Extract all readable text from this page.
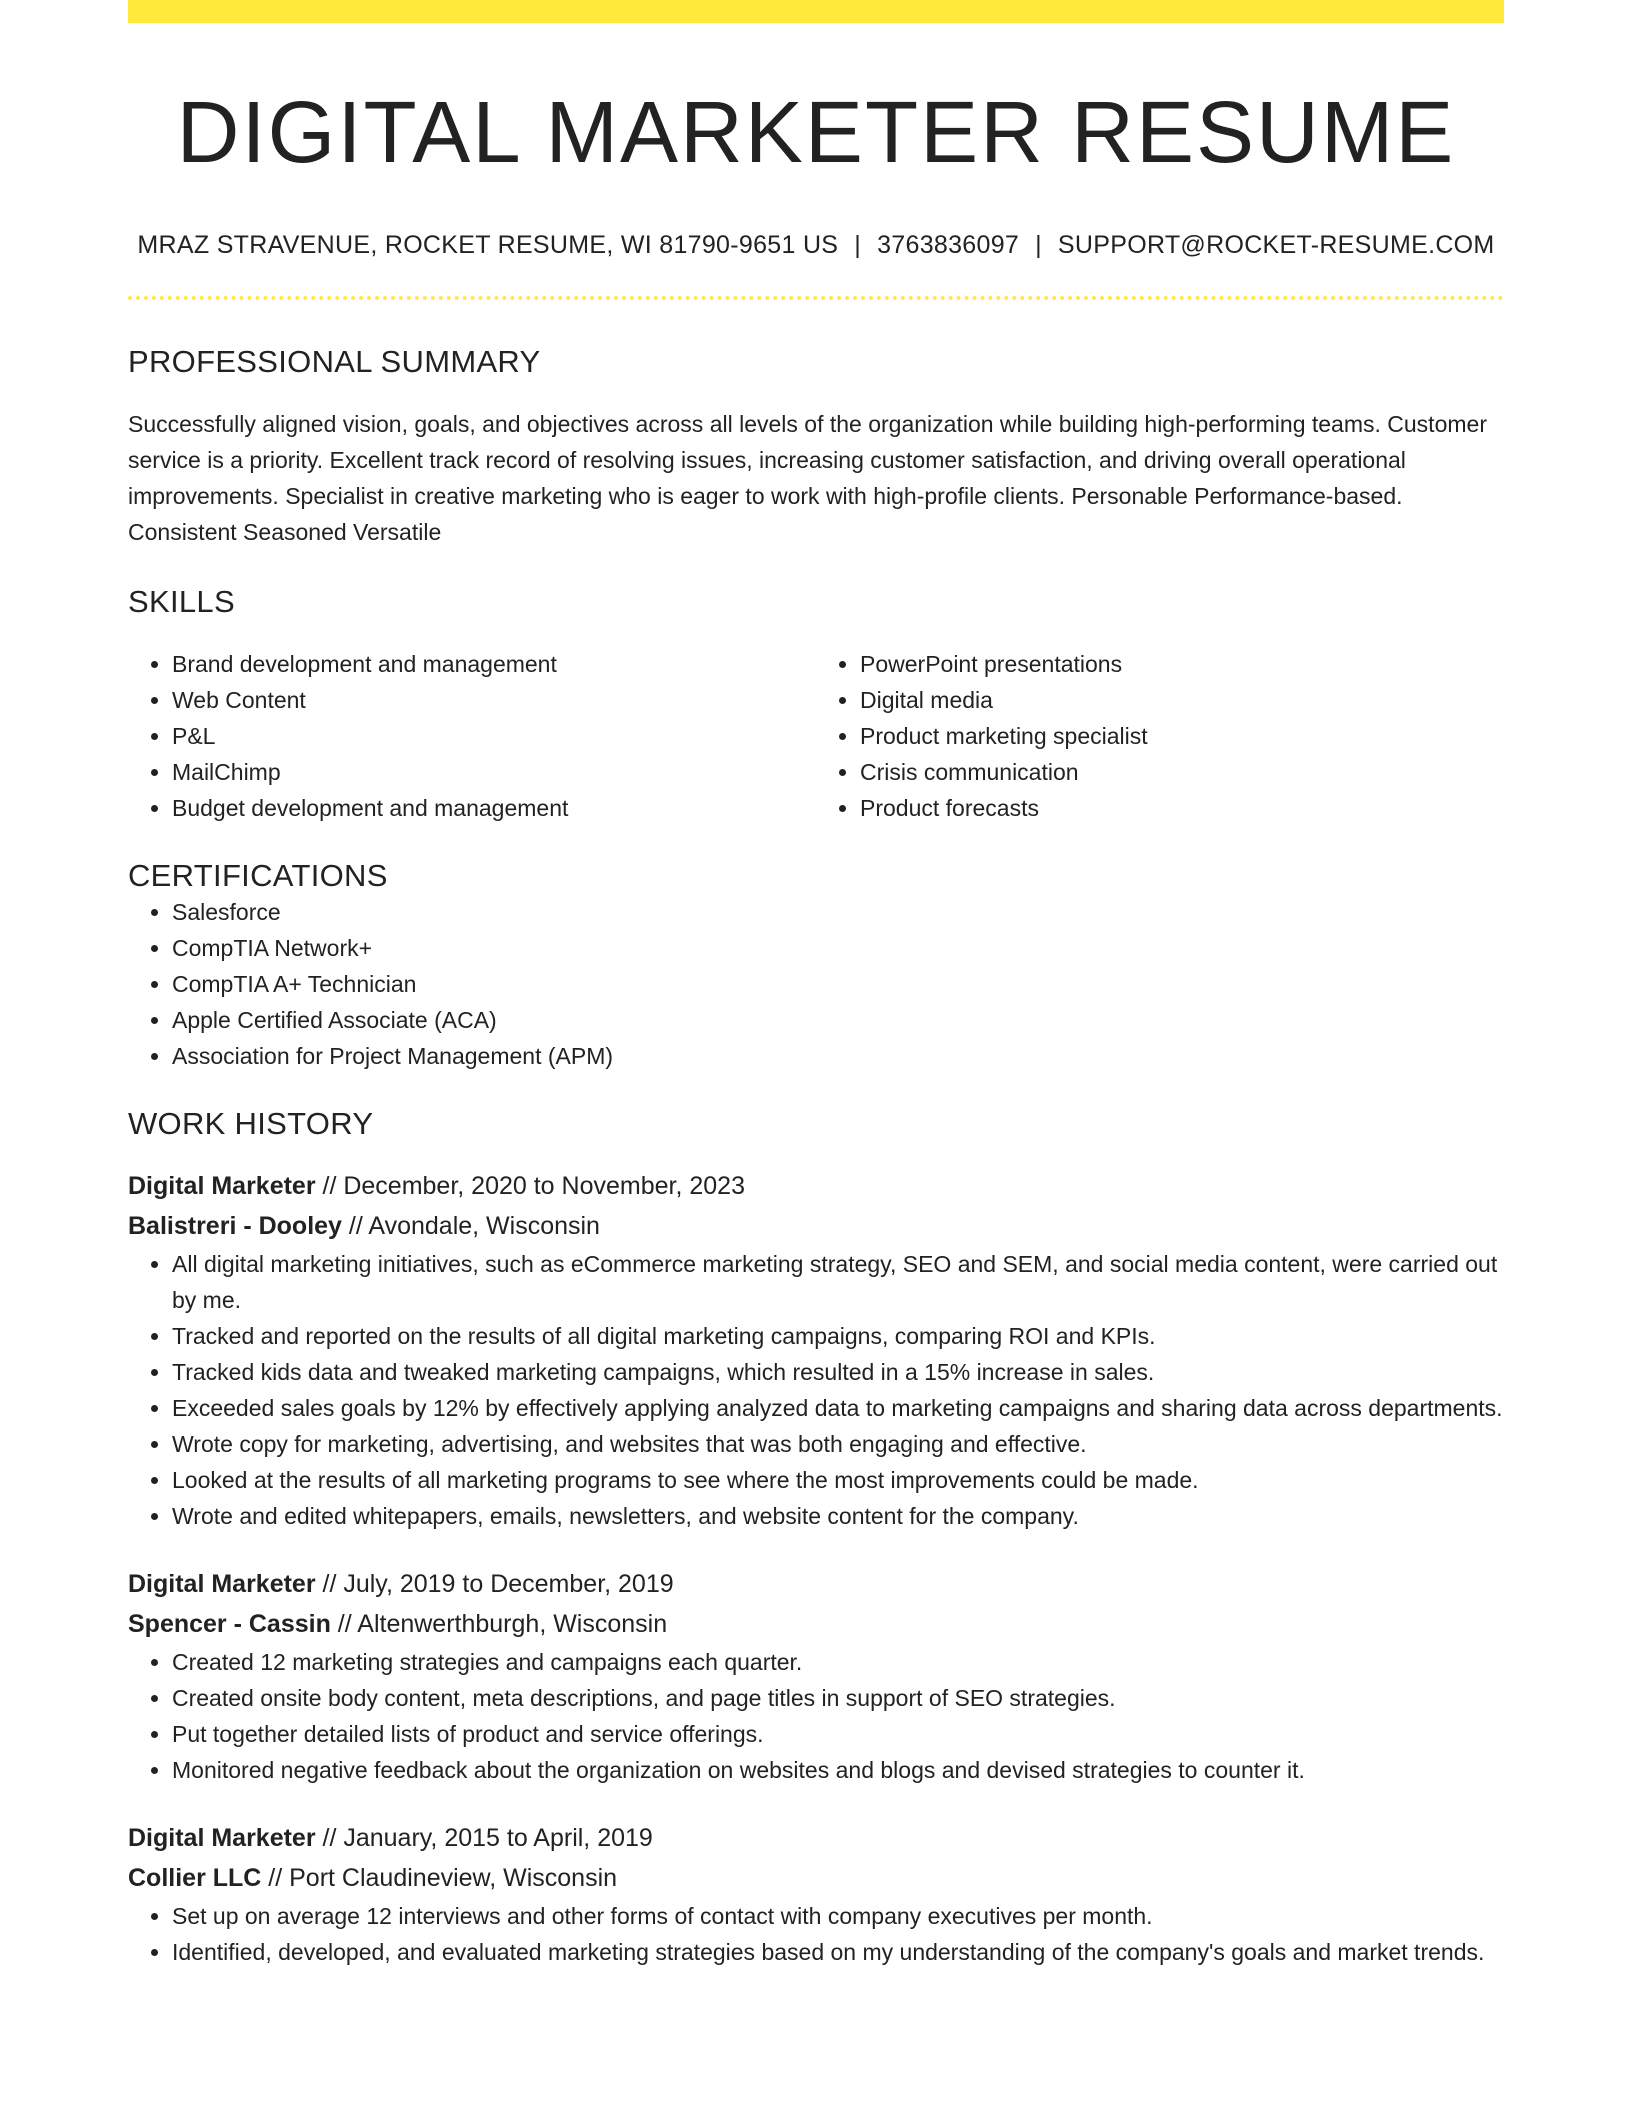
DIGITAL MARKETER RESUME
MRAZ STRAVENUE, ROCKET RESUME, WI 81790-9651 US | 3763836097 | SUPPORT@ROCKET-RESUME.COM
PROFESSIONAL SUMMARY
Successfully aligned vision, goals, and objectives across all levels of the organization while building high-performing teams. Customer service is a priority. Excellent track record of resolving issues, increasing customer satisfaction, and driving overall operational improvements. Specialist in creative marketing who is eager to work with high-profile clients. Personable Performance-based. Consistent Seasoned Versatile
SKILLS
• Brand development and management
• Web Content
• P&L
• MailChimp
• Budget development and management
• PowerPoint presentations
• Digital media
• Product marketing specialist
• Crisis communication
• Product forecasts
CERTIFICATIONS
• Salesforce
• CompTIA Network+
• CompTIA A+ Technician
• Apple Certified Associate (ACA)
• Association for Project Management (APM)
WORK HISTORY
Digital Marketer // December, 2020 to November, 2023
Balistreri - Dooley // Avondale, Wisconsin
• All digital marketing initiatives, such as eCommerce marketing strategy, SEO and SEM, and social media content, were carried out by me.
• Tracked and reported on the results of all digital marketing campaigns, comparing ROI and KPIs.
• Tracked kids data and tweaked marketing campaigns, which resulted in a 15% increase in sales.
• Exceeded sales goals by 12% by effectively applying analyzed data to marketing campaigns and sharing data across departments.
• Wrote copy for marketing, advertising, and websites that was both engaging and effective.
• Looked at the results of all marketing programs to see where the most improvements could be made.
• Wrote and edited whitepapers, emails, newsletters, and website content for the company.
Digital Marketer // July, 2019 to December, 2019
Spencer - Cassin // Altenwerthburgh, Wisconsin
• Created 12 marketing strategies and campaigns each quarter.
• Created onsite body content, meta descriptions, and page titles in support of SEO strategies.
• Put together detailed lists of product and service offerings.
• Monitored negative feedback about the organization on websites and blogs and devised strategies to counter it.
Digital Marketer // January, 2015 to April, 2019
Collier LLC // Port Claudineview, Wisconsin
• Set up on average 12 interviews and other forms of contact with company executives per month.
• Identified, developed, and evaluated marketing strategies based on my understanding of the company's goals and market trends.
